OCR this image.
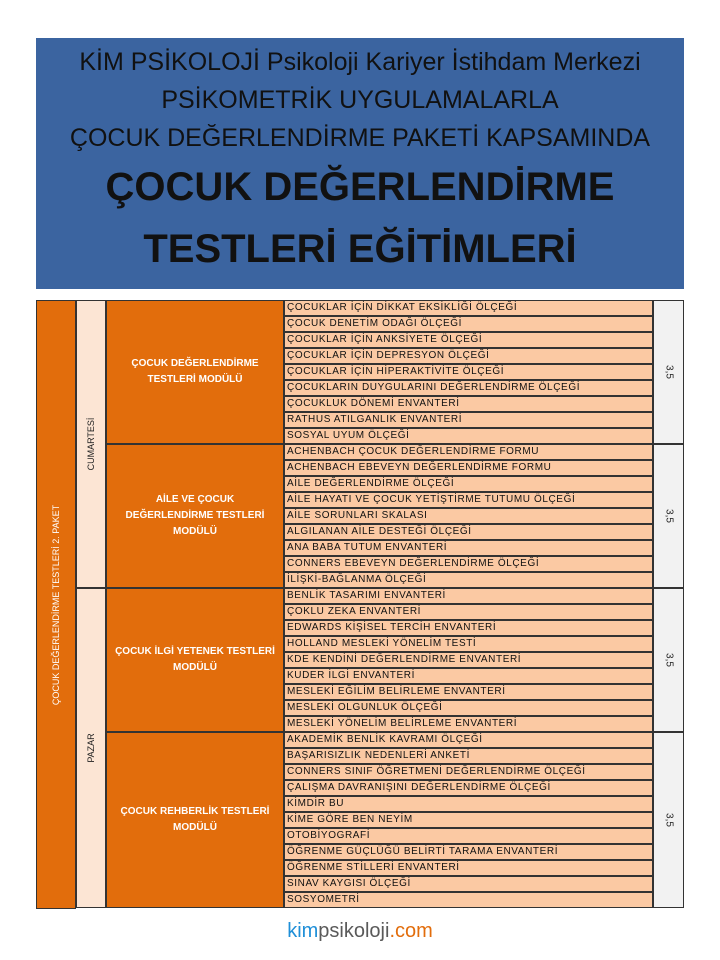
KİM PSİKOLOJİ Psikoloji Kariyer İstihdam Merkezi
PSİKOMETRİK UYGULAMALARLA
ÇOCUK DEĞERLENDİRME PAKETİ KAPSAMINDA
ÇOCUK DEĞERLENDİRME
TESTLERİ EĞİTİMLERİ
ÇOCUK DEĞERLENDİRME TESTLERİ 2. PAKET
ÇOCUK DEĞERLENDİRME TESTLERİ MODÜLÜ
ÇOCUKLAR İÇİN DİKKAT EKSİKLİĞİ ÖLÇEĞİ
ÇOCUK DENETİM ODAĞI ÖLÇEĞİ
ÇOCUKLAR İÇİN ANKSİYETE ÖLÇEĞİ
ÇOCUKLAR İÇİN DEPRESYON ÖLÇEĞİ
ÇOCUKLAR İÇİN HİPERAKTİVİTE ÖLÇEĞİ
ÇOCUKLARIN DUYGULARINI DEĞERLENDİRME ÖLÇEĞİ
ÇOCUKLUK DÖNEMİ ENVANTERİ
RATHUS ATILGANLIK ENVANTERİ
SOSYAL UYUM ÖLÇEĞİ
3,5
AİLE VE ÇOCUK DEĞERLENDİRME TESTLERİ MODÜLÜ
ACHENBACH ÇOCUK DEĞERLENDİRME FORMU
ACHENBACH EBEVEYN DEĞERLENDİRME FORMU
AİLE DEĞERLENDİRME ÖLÇEĞİ
AİLE HAYATI VE ÇOCUK YETİŞTİRME TUTUMU ÖLÇEĞİ
AİLE SORUNLARI SKALASI
ALGILANAN AİLE DESTEĞİ ÖLÇEĞİ
ANA BABA TUTUM ENVANTERİ
CONNERS EBEVEYN DEĞERLENDİRME ÖLÇEĞİ
İLİŞKİ-BAĞLANMA ÖLÇEĞİ
3,5
ÇOCUK İLGİ YETENEK TESTLERİ MODÜLÜ
BENLİK TASARIMI ENVANTERİ
ÇOKLU ZEKA ENVANTERİ
EDWARDS KİŞİSEL TERCİH ENVANTERİ
HOLLAND MESLEKİ YÖNELİM TESTİ
KDE KENDİNİ DEĞERLENDİRME ENVANTERİ
KUDER İLGİ ENVANTERİ
MESLEKİ EĞİLİM BELİRLEME ENVANTERİ
MESLEKİ OLGUNLUK ÖLÇEĞİ
MESLEKİ YÖNELİM BELİRLEME ENVANTERİ
3,5
ÇOCUK REHBERLİK TESTLERİ MODÜLÜ
AKADEMİK BENLİK KAVRAMI ÖLÇEĞİ
BAŞARISIZLIK NEDENLERİ ANKETİ
CONNERS SINIF ÖĞRETMENİ DEĞERLENDİRME ÖLÇEĞİ
ÇALIŞMA DAVRANIŞINI DEĞERLENDİRME ÖLÇEĞİ
KİMDİR BU
KİME GÖRE BEN NEYİM
OTOBİYOGRAFİ
ÖĞRENME GÜÇLÜĞÜ BELİRTİ TARAMA ENVANTERİ
ÖĞRENME STİLLERİ ENVANTERİ
SINAV KAYGISI ÖLÇEĞİ
SOSYOMETRİ
3,5
CUMARTESİ
PAZAR
kimpsikoloji.com
